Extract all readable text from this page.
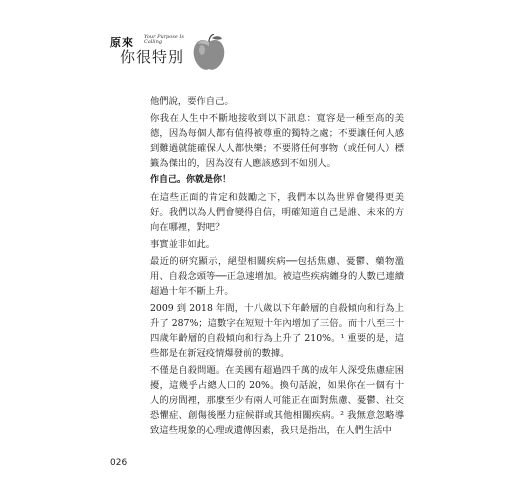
原來 Your Purpose Is Calling
你很特別

他們說，要作自己。

你我在人生中不斷地接收到以下訊息：寬容是一種至高的美德，因為每個人都有值得被尊重的獨特之處；不要讓任何人感到難過就能確保人人都快樂；不要將任何事物（或任何人）標籤為傑出的，因為沒有人應該感到不如別人。

作自己。你就是你！

在這些正面的肯定和鼓勵之下，我們本以為世界會變得更美好。我們以為人們會變得自信，明確知道自己是誰、未來的方向在哪裡，對吧？

事實並非如此。

最近的研究顯示，絕望相關疾病──包括焦慮、憂鬱、藥物濫用、自殺念頭等──正急速增加。被這些疾病纏身的人數已連續超過十年不斷上升。

2009 到 2018 年間，十八歲以下年齡層的自殺傾向和行為上升了 287%；這數字在短短十年內增加了三倍。而十八至三十四歲年齡層的自殺傾向和行為上升了 210%。¹ 重要的是，這些都是在新冠疫情爆發前的數據。

不僅是自殺問題。在美國有超過四千萬的成年人深受焦慮症困擾，這幾乎占總人口的 20%。換句話說，如果你在一個有十人的房間裡，那麼至少有兩人可能正在面對焦慮、憂鬱、社交恐懼症、創傷後壓力症候群或其他相關疾病。² 我無意忽略導致這些現象的心理或遺傳因素，我只是指出，在人們生活中

026
